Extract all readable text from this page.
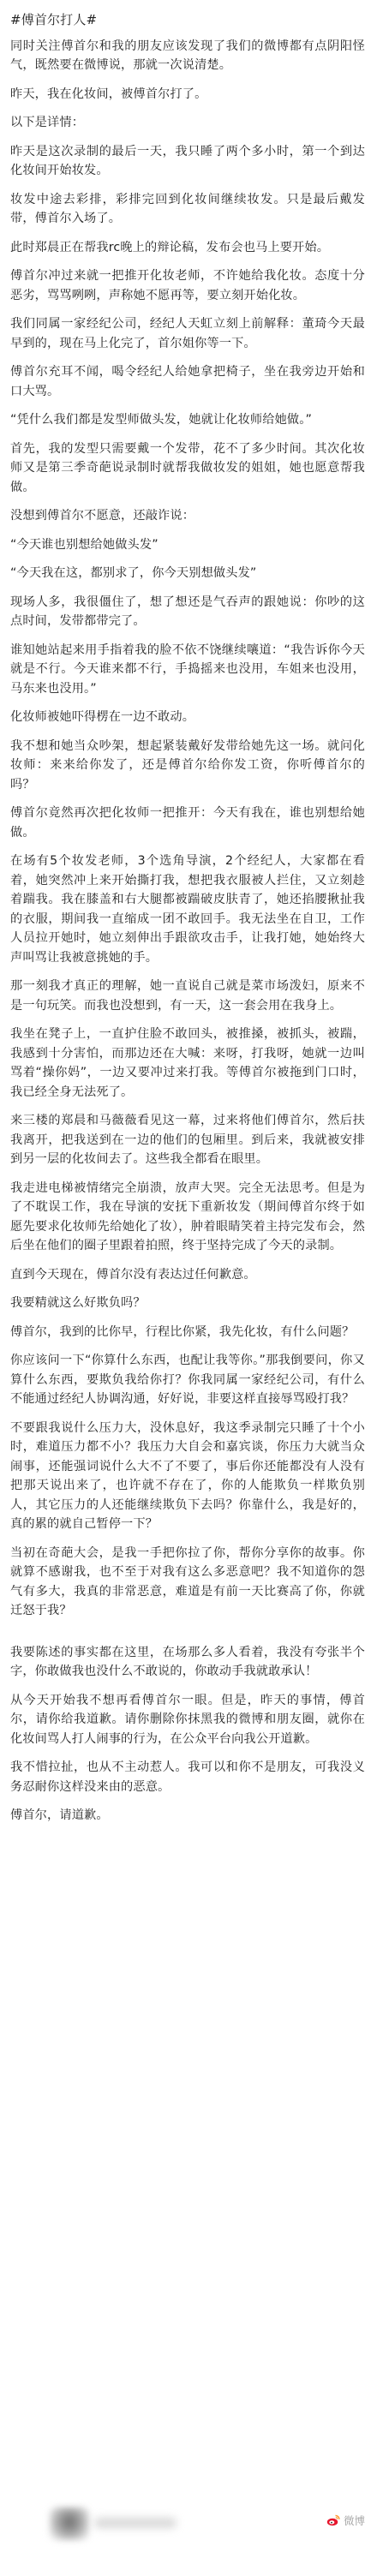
#傅首尔打人#

同时关注傅首尔和我的朋友应该发现了我们的微博都有点阴阳怪气，既然要在微博说，那就一次说清楚。

昨天，我在化妆间，被傅首尔打了。

以下是详情：

昨天是这次录制的最后一天，我只睡了两个多小时，第一个到达化妆间开始妆发。

妆发中途去彩排，彩排完回到化妆间继续妆发。只是最后戴发带，傅首尔入场了。

此时郑晨正在帮我rc晚上的辩论稿，发布会也马上要开始。

傅首尔冲过来就一把推开化妆老师，不许她给我化妆。态度十分恶劣，骂骂咧咧，声称她不愿再等，要立刻开始化妆。

我们同属一家经纪公司，经纪人天虹立刻上前解释：董琦今天最早到的，现在马上化完了，首尔姐你等一下。

傅首尔充耳不闻，喝令经纪人给她拿把椅子，坐在我旁边开始和口大骂。

“凭什么我们都是发型师做头发，她就让化妆师给她做。”

首先，我的发型只需要戴一个发带，花不了多少时间。其次化妆师又是第三季奇葩说录制时就帮我做妆发的姐姐，她也愿意帮我做。

没想到傅首尔不愿意，还敲诈说：

“今天谁也别想给她做头发”

“今天我在这，都别求了，你今天别想做头发”

现场人多，我很僵住了，想了想还是气吞声的跟她说：你吵的这点时间，发带都带完了。

谁知她站起来用手指着我的脸不依不饶继续嚷道：“我告诉你今天就是不行。今天谁来都不行，手捣摇来也没用，车姐来也没用，马东来也没用。”

化妆师被她吓得楞在一边不敢动。

我不想和她当众吵架，想起紧装戴好发带给她先这一场。就问化妆师：来来给你发了，还是傅首尔给你发工资，你听傅首尔的吗？

傅首尔竟然再次把化妆师一把推开：今天有我在，谁也别想给她做。

在场有5个妆发老师，3个选角导演，2个经纪人，大家都在看着，她突然冲上来开始撕打我，想把我衣服被人拦住，又立刻趁着踹我。我在膝盖和右大腿都被踹破皮肤青了，她还掐腰揪扯我的衣服，期间我一直缩成一团不敢回手。我无法坐在自卫，工作人员拉开她时，她立刻伸出手跟欲攻击手，让我打她，她始终大声叫骂让我被意挑她的手。

那一刻我才真正的理解，她一直说自己就是菜市场泼妇，原来不是一句玩笑。而我也没想到，有一天，这一套会用在我身上。

我坐在凳子上，一直护住脸不敢回头，被推搡，被抓头，被踹，我感到十分害怕，而那边还在大喊：来呀，打我呀，她就一边叫骂着“操你妈”，一边又要冲过来打我。等傅首尔被拖到门口时，我已经全身无法死了。

来三楼的郑晨和马薇薇看见这一幕，过来将他们傅首尔，然后扶我离开，把我送到在一边的他们的包厢里。到后来，我就被安排到另一层的化妆间去了。这些我全都看在眼里。

我走进电梯被情绪完全崩溃，放声大哭。完全无法思考。但是为了不耽误工作，我在导演的安抚下重新妆发（期间傅首尔终于如愿先要求化妆师先给她化了妆），肿着眼睛笑着主持完发布会，然后坐在他们的圈子里跟着拍照，终于坚持完成了今天的录制。

直到今天现在，傅首尔没有表达过任何歉意。

我要精就这么好欺负吗？

傅首尔，我到的比你早，行程比你紧，我先化妆，有什么问题？

你应该问一下“你算什么东西，也配让我等你。”那我倒要问，你又算什么东西，要欺负我给你打？你我同属一家经纪公司，有什么不能通过经纪人协调沟通，好好说，非要这样直接辱骂殴打我？

不要跟我说什么压力大，没休息好，我这季录制完只睡了十个小时，难道压力都不小？我压力大自会和嘉宾谈，你压力大就当众闹事，还能强词说什么大不了不要了，事后你还能都没有人没有把那天说出来了，也许就不存在了，你的人能欺负一样欺负别人，其它压力的人还能继续欺负下去吗？你靠什么，我是好的，真的累的就自己暂停一下？

当初在奇葩大会，是我一手把你拉了你，帮你分享你的故事。你就算不感谢我，也不至于对我有这么多恶意吧？我不知道你的怨气有多大，我真的非常恶意，难道是有前一天比赛高了你，你就迁怒于我？

我要陈述的事实都在这里，在场那么多人看着，我没有夸张半个字，你敢做我也没什么不敢说的，你敢动手我就敢承认！

从今天开始我不想再看傅首尔一眼。但是，昨天的事情，傅首尔，请你给我道歉。请你删除你抹黑我的微博和朋友圈，就你在化妆间骂人打人闹事的行为，在公众平台向我公开道歉。

我不惜拉扯，也从不主动惹人。我可以和你不是朋友，可我没义务忍耐你这样没来由的恶意。

傅首尔，请道歉。

微博
